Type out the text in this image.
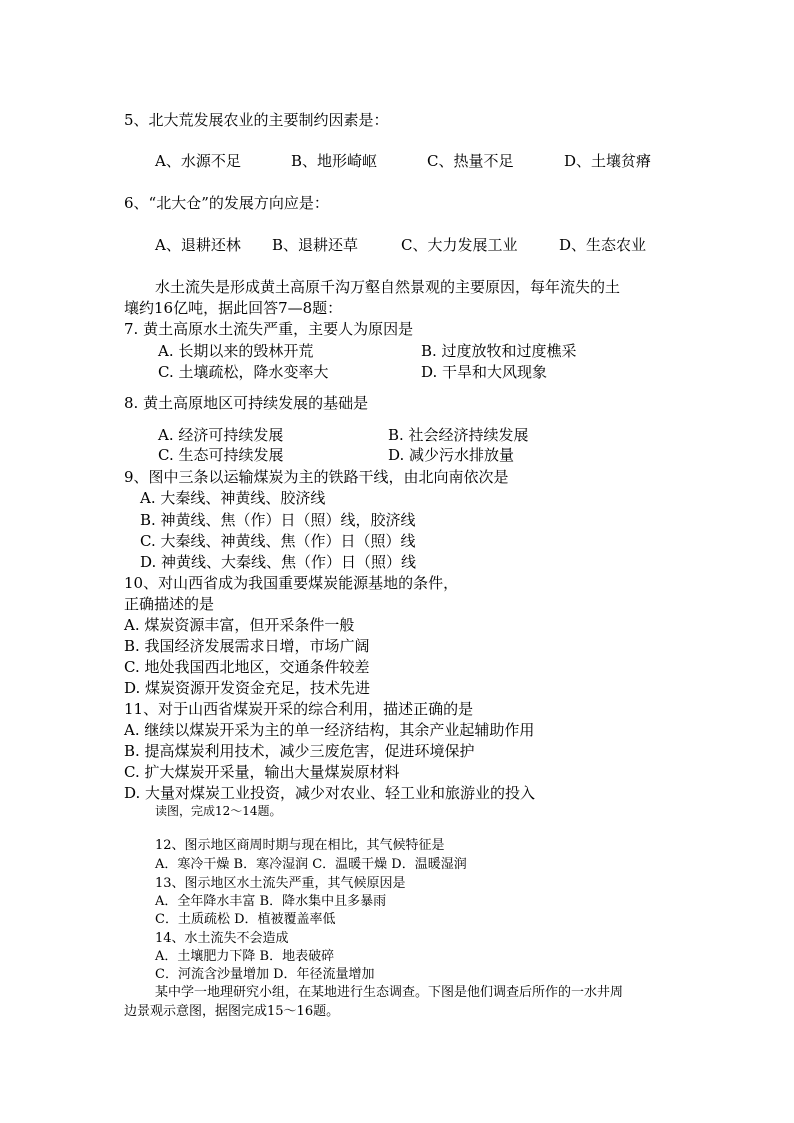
5、北大荒发展农业的主要制约因素是：
A、水源不足	B、地形崎岖	C、热量不足	D、土壤贫瘠
6、“北大仓”的发展方向应是：
A、退耕还林 B、退耕还草	C、大力发展工业	D、生态农业
水土流失是形成黄土高原千沟万壑自然景观的主要原因，每年流失的土
壤约16亿吨，据此回答7—8题：
7. 黄土高原水土流失严重，主要人为原因是
A. 长期以来的毁林开荒	B. 过度放牧和过度樵采
C. 土壤疏松，降水变率大	D. 干旱和大风现象
8. 黄土高原地区可持续发展的基础是
A. 经济可持续发展	B. 社会经济持续发展
C. 生态可持续发展	D. 减少污水排放量
9、图中三条以运输煤炭为主的铁路干线，由北向南依次是
A. 大秦线、神黄线、胶济线
B. 神黄线、焦（作）日（照）线，胶济线
C. 大秦线、神黄线、焦（作）日（照）线
D. 神黄线、大秦线、焦（作）日（照）线
10、对山西省成为我国重要煤炭能源基地的条件，
正确描述的是
A. 煤炭资源丰富，但开采条件一般
B. 我国经济发展需求日增，市场广阔
C. 地处我国西北地区，交通条件较差
D. 煤炭资源开发资金充足，技术先进
11、对于山西省煤炭开采的综合利用，描述正确的是
A. 继续以煤炭开采为主的单一经济结构，其余产业起辅助作用
B. 提高煤炭利用技术，减少三废危害，促进环境保护
C. 扩大煤炭开采量，输出大量煤炭原材料
D. 大量对煤炭工业投资，减少对农业、轻工业和旅游业的投入
读图，完成12～14题。
12、图示地区商周时期与现在相比，其气候特征是
A．寒冷干燥 B．寒冷湿润 C．温暖干燥 D．温暖湿润
13、图示地区水土流失严重，其气候原因是
A．全年降水丰富 B．降水集中且多暴雨
C．土质疏松 D．植被覆盖率低
14、水土流失不会造成
A．土壤肥力下降 B．地表破碎
C．河流含沙量增加 D．年径流量增加
某中学一地理研究小组，在某地进行生态调查。下图是他们调查后所作的一水井周
边景观示意图，据图完成15～16题。
